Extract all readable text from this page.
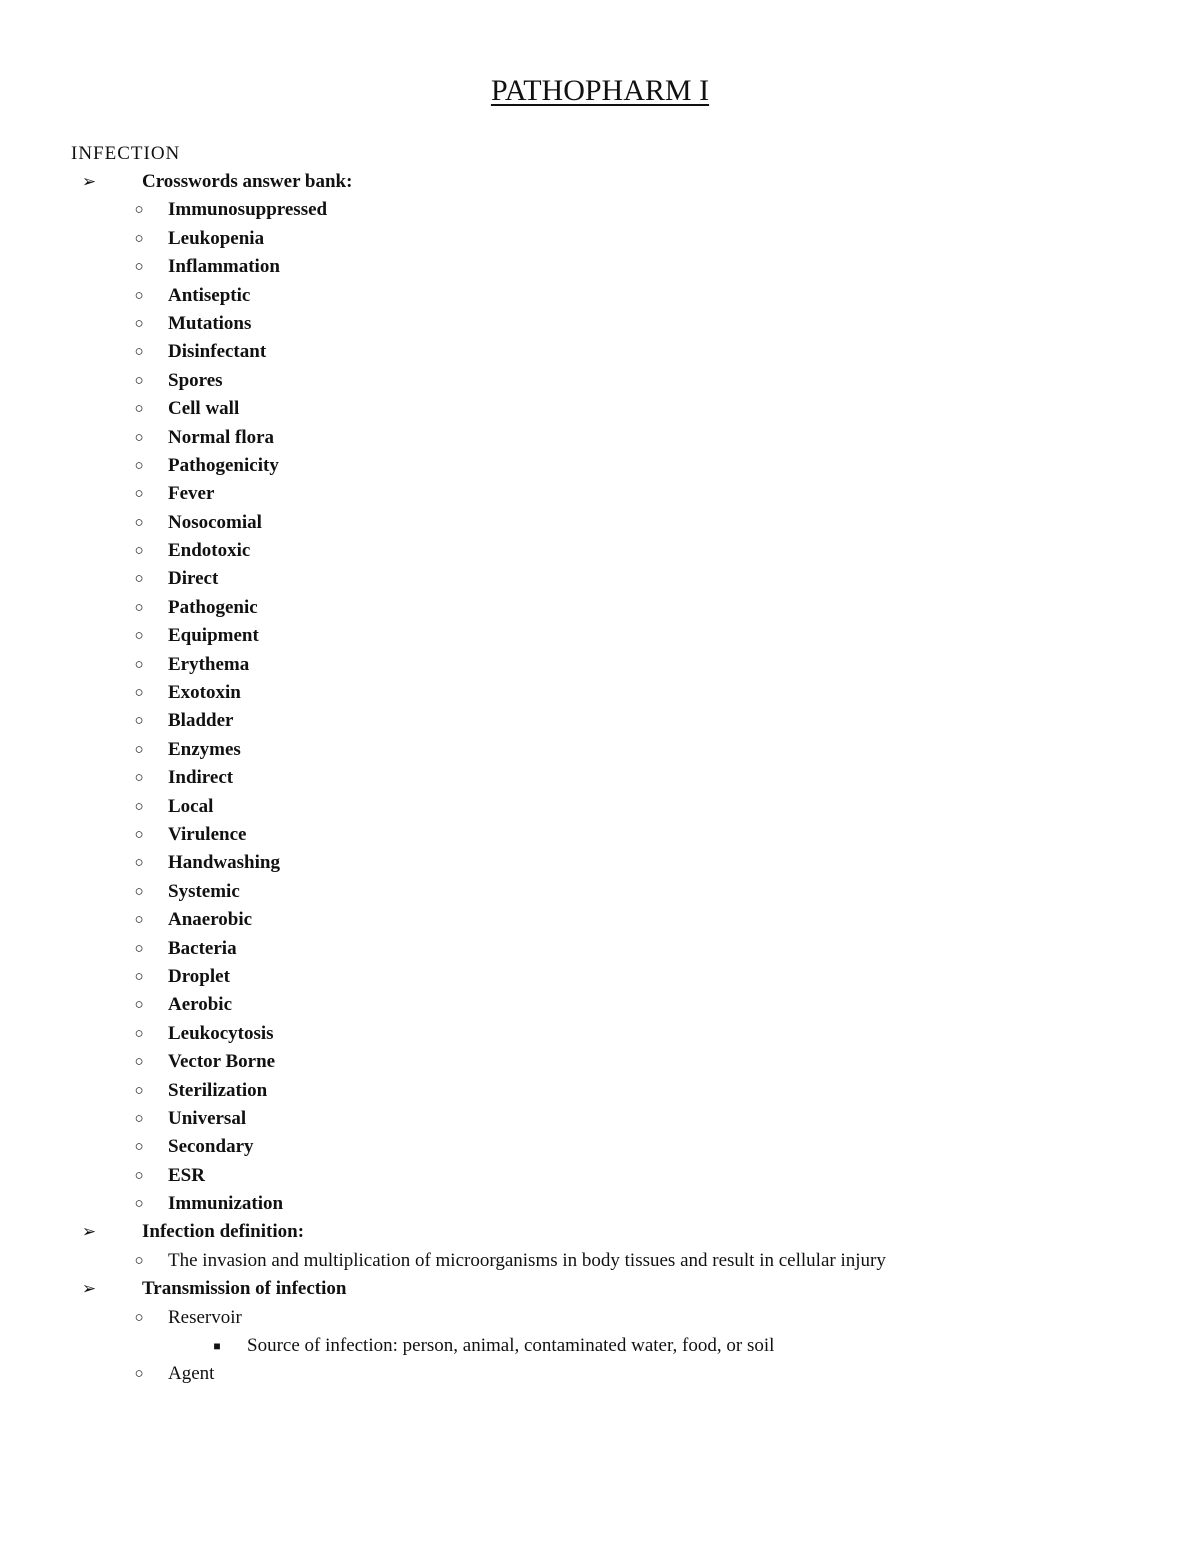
PATHOPHARM I
INFECTION
➢ Crosswords answer bank:
○ Immunosuppressed
○ Leukopenia
○ Inflammation
○ Antiseptic
○ Mutations
○ Disinfectant
○ Spores
○ Cell wall
○ Normal flora
○ Pathogenicity
○ Fever
○ Nosocomial
○ Endotoxic
○ Direct
○ Pathogenic
○ Equipment
○ Erythema
○ Exotoxin
○ Bladder
○ Enzymes
○ Indirect
○ Local
○ Virulence
○ Handwashing
○ Systemic
○ Anaerobic
○ Bacteria
○ Droplet
○ Aerobic
○ Leukocytosis
○ Vector Borne
○ Sterilization
○ Universal
○ Secondary
○ ESR
○ Immunization
➢ Infection definition:
○ The invasion and multiplication of microorganisms in body tissues and result in cellular injury
➢ Transmission of infection
○ Reservoir
■ Source of infection: person, animal, contaminated water, food, or soil
○ Agent
